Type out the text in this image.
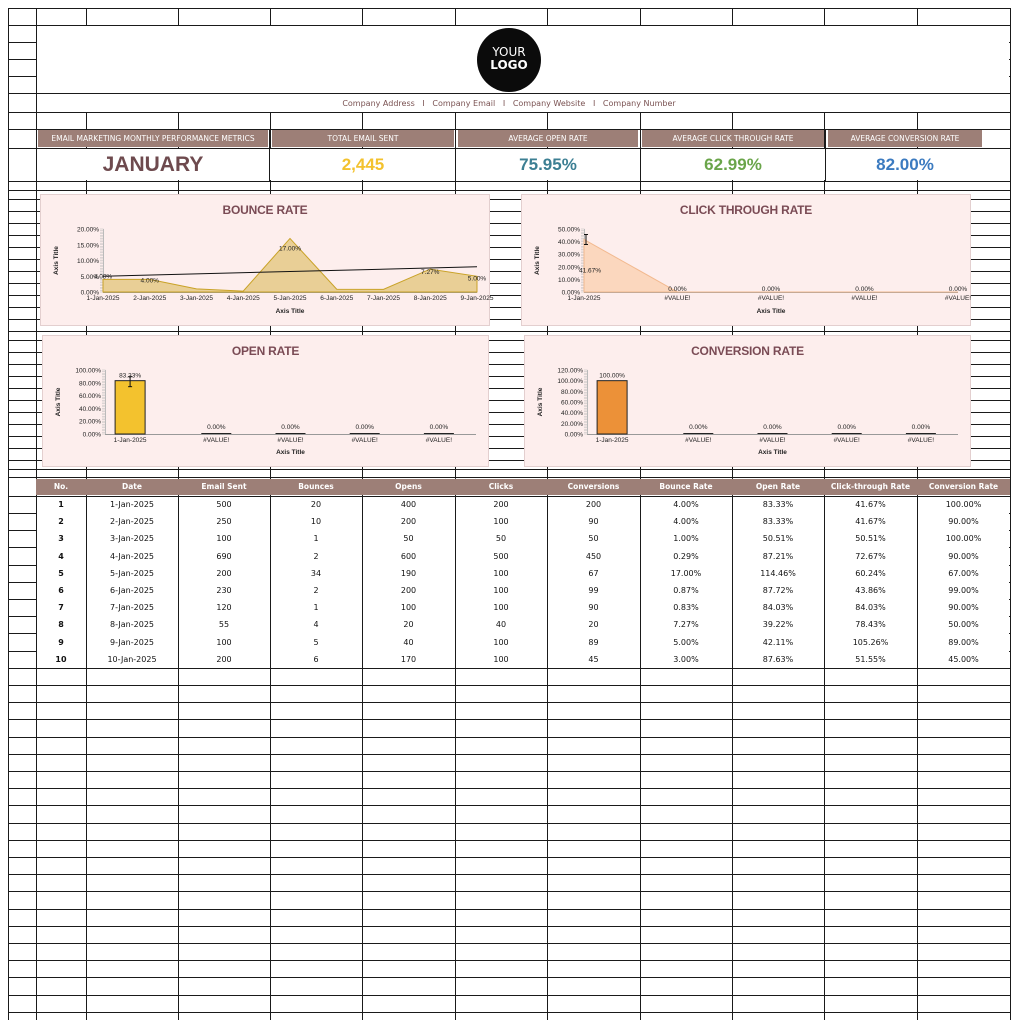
YOUR
LOGO
Company Address   I   Company Email   I   Company Website   I   Company Number
EMAIL MARKETING MONTHLY PERFORMANCE METRICS	TOTAL EMAIL SENT	AVERAGE OPEN RATE	AVERAGE CLICK THROUGH RATE	AVERAGE CONVERSION RATE
JANUARY	2,445	75.95%	62.99%	82.00%
0.00%
5.00%
10.00%
15.00%
20.00%
Axis Title
Axis Title
1-Jan-2025 2-Jan-2025 3-Jan-2025 4-Jan-2025 5-Jan-2025 6-Jan-2025 7-Jan-2025 8-Jan-2025 9-Jan-2025
4.00%
4.00%
17.00%
7.27%
5.00%
BOUNCE RATE
0.00%
10.00%
20.00%
30.00%
40.00%
50.00%
Axis Title
Axis Title
1-Jan-2025	#VALUE!	#VALUE!	#VALUE!	#VALUE!
41.67%
0.00%	0.00%	0.00%	0.00%
CLICK THROUGH RATE
0.00%
20.00%
40.00%
60.00%
80.00%
100.00%
Axis Title
Axis Title
83.33%
1-Jan-2025
0.00%
#VALUE!
0.00%
#VALUE!
0.00%
#VALUE!
0.00%
#VALUE!
OPEN RATE
0.00%
20.00%
40.00%
60.00%
80.00%
100.00%
120.00%
Axis Title
Axis Title
100.00%
1-Jan-2025
0.00%
#VALUE!
0.00%
#VALUE!
0.00%
#VALUE!
0.00%
#VALUE!
CONVERSION RATE
No.	Date	Email Sent	Bounces	Opens	Clicks	Conversions	Bounce Rate	Open Rate	Click-through Rate	Conversion Rate
1	1-Jan-2025	500	20	400	200	200	4.00%	83.33%	41.67%	100.00%
2	2-Jan-2025	250	10	200	100	90	4.00%	83.33%	41.67%	90.00%
3	3-Jan-2025	100	1	50	50	50	1.00%	50.51%	50.51%	100.00%
4	4-Jan-2025	690	2	600	500	450	0.29%	87.21%	72.67%	90.00%
5	5-Jan-2025	200	34	190	100	67	17.00%	114.46%	60.24%	67.00%
6	6-Jan-2025	230	2	200	100	99	0.87%	87.72%	43.86%	99.00%
7	7-Jan-2025	120	1	100	100	90	0.83%	84.03%	84.03%	90.00%
8	8-Jan-2025	55	4	20	40	20	7.27%	39.22%	78.43%	50.00%
9	9-Jan-2025	100	5	40	100	89	5.00%	42.11%	105.26%	89.00%
10	10-Jan-2025	200	6	170	100	45	3.00%	87.63%	51.55%	45.00%
